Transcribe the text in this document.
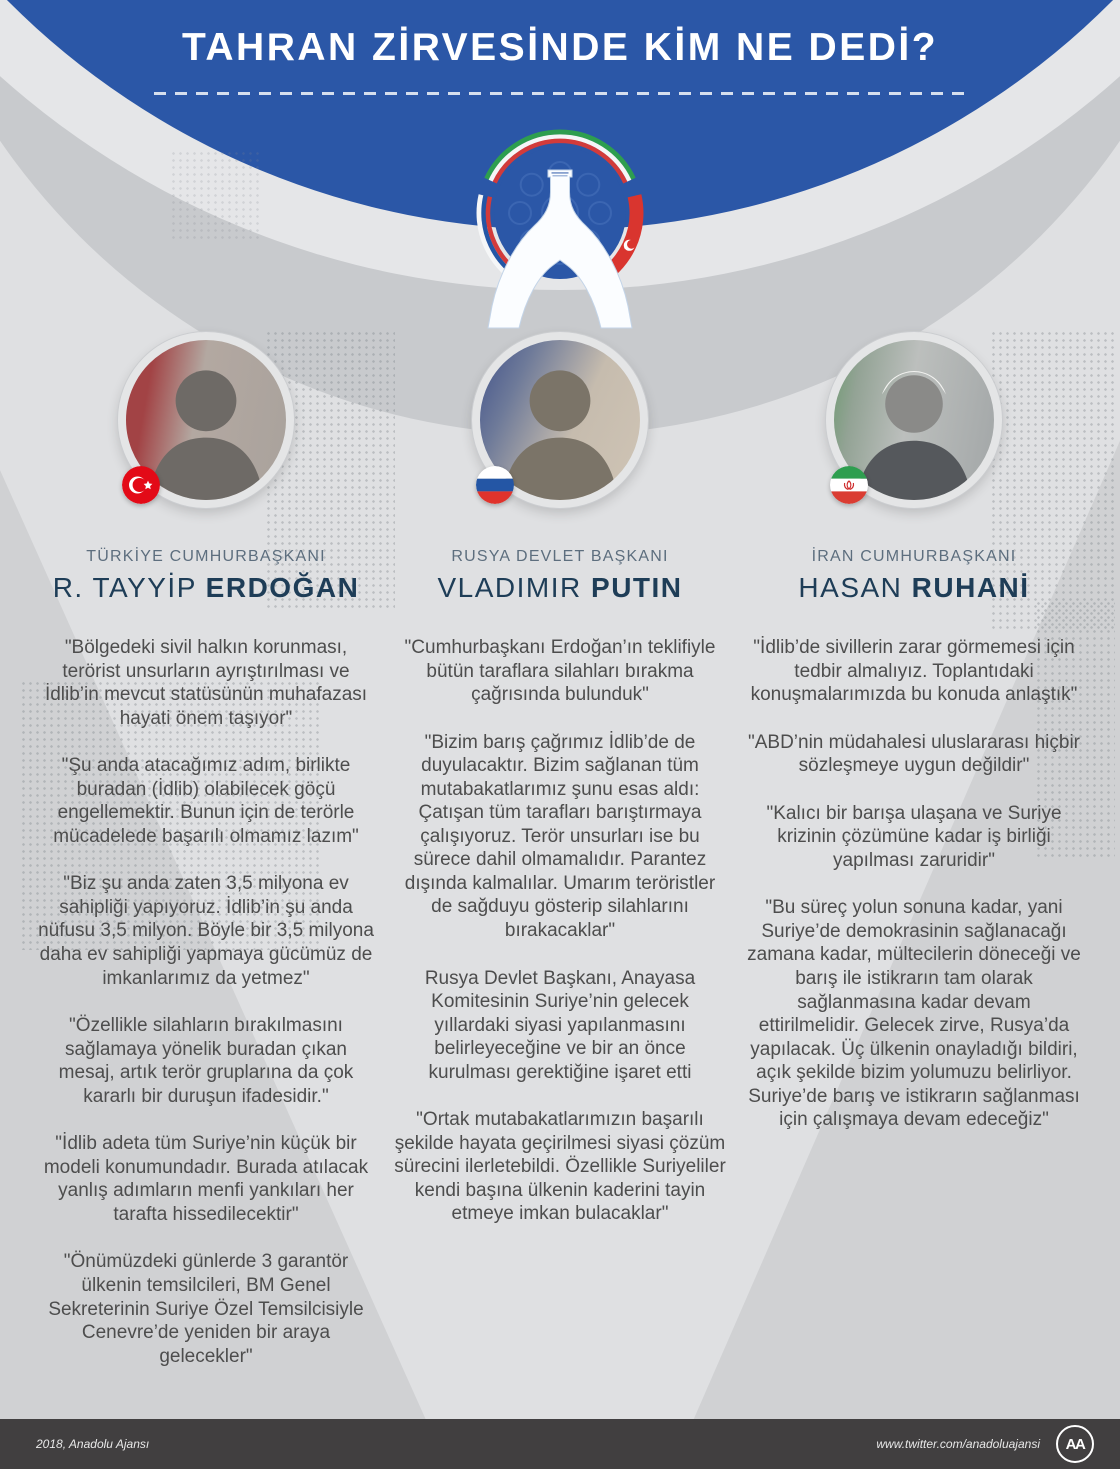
TAHRAN ZİRVESİNDE KİM NE DEDİ?
TÜRKİYE CUMHURBAŞKANI
R. TAYYİP ERDOĞAN

"Bölgedeki sivil halkın korunması, terörist unsurların ayrıştırılması ve İdlib’in mevcut statüsünün muhafazası hayati önem taşıyor"

"Şu anda atacağımız adım, birlikte buradan (İdlib) olabilecek göçü engellemektir. Bunun için de terörle mücadelede başarılı olmamız lazım"

"Biz şu anda zaten 3,5 milyona ev sahipliği yapıyoruz. İdlib’in şu anda nüfusu 3,5 milyon. Böyle bir 3,5 milyona daha ev sahipliği yapmaya gücümüz de imkanlarımız da yetmez"

"Özellikle silahların bırakılmasını sağlamaya yönelik buradan çıkan mesaj, artık terör gruplarına da çok kararlı bir duruşun ifadesidir."

"İdlib adeta tüm Suriye’nin küçük bir modeli konumundadır. Burada atılacak yanlış adımların menfi yankıları her tarafta hissedilecektir"

"Önümüzdeki günlerde 3 garantör ülkenin temsilcileri, BM Genel Sekreterinin Suriye Özel Temsilcisiyle Cenevre’de yeniden bir araya gelecekler"

RUSYA DEVLET BAŞKANI
VLADIMIR PUTIN

"Cumhurbaşkanı Erdoğan’ın teklifiyle bütün taraflara silahları bırakma çağrısında bulunduk"

"Bizim barış çağrımız İdlib’de de duyulacaktır. Bizim sağlanan tüm mutabakatlarımız şunu esas aldı: Çatışan tüm tarafları barıştırmaya çalışıyoruz. Terör unsurları ise bu sürece dahil olmamalıdır. Parantez dışında kalmalılar. Umarım teröristler de sağduyu gösterip silahlarını bırakacaklar"

Rusya Devlet Başkanı, Anayasa Komitesinin Suriye’nin gelecek yıllardaki siyasi yapılanmasını belirleyeceğine ve bir an önce kurulması gerektiğine işaret etti

"Ortak mutabakatlarımızın başarılı şekilde hayata geçirilmesi siyasi çözüm sürecini ilerletebildi. Özellikle Suriyeliler kendi başına ülkenin kaderini tayin etmeye imkan bulacaklar"

İRAN CUMHURBAŞKANI
HASAN RUHANİ

"İdlib’de sivillerin zarar görmemesi için tedbir almalıyız. Toplantıdaki konuşmalarımızda bu konuda anlaştık"

"ABD’nin müdahalesi uluslararası hiçbir sözleşmeye uygun değildir"

"Kalıcı bir barışa ulaşana ve Suriye krizinin çözümüne kadar iş birliği yapılması zaruridir"

"Bu süreç yolun sonuna kadar, yani Suriye’de demokrasinin sağlanacağı zamana kadar, mültecilerin döneceği ve barış ile istikrarın tam olarak sağlanmasına kadar devam ettirilmelidir. Gelecek zirve, Rusya’da yapılacak. Üç ülkenin onayladığı bildiri, açık şekilde bizim yolumuzu belirliyor. Suriye’de barış ve istikrarın sağlanması için çalışmaya devam edeceğiz"

2018, Anadolu Ajansı	www.twitter.com/anadoluajansi	AA
